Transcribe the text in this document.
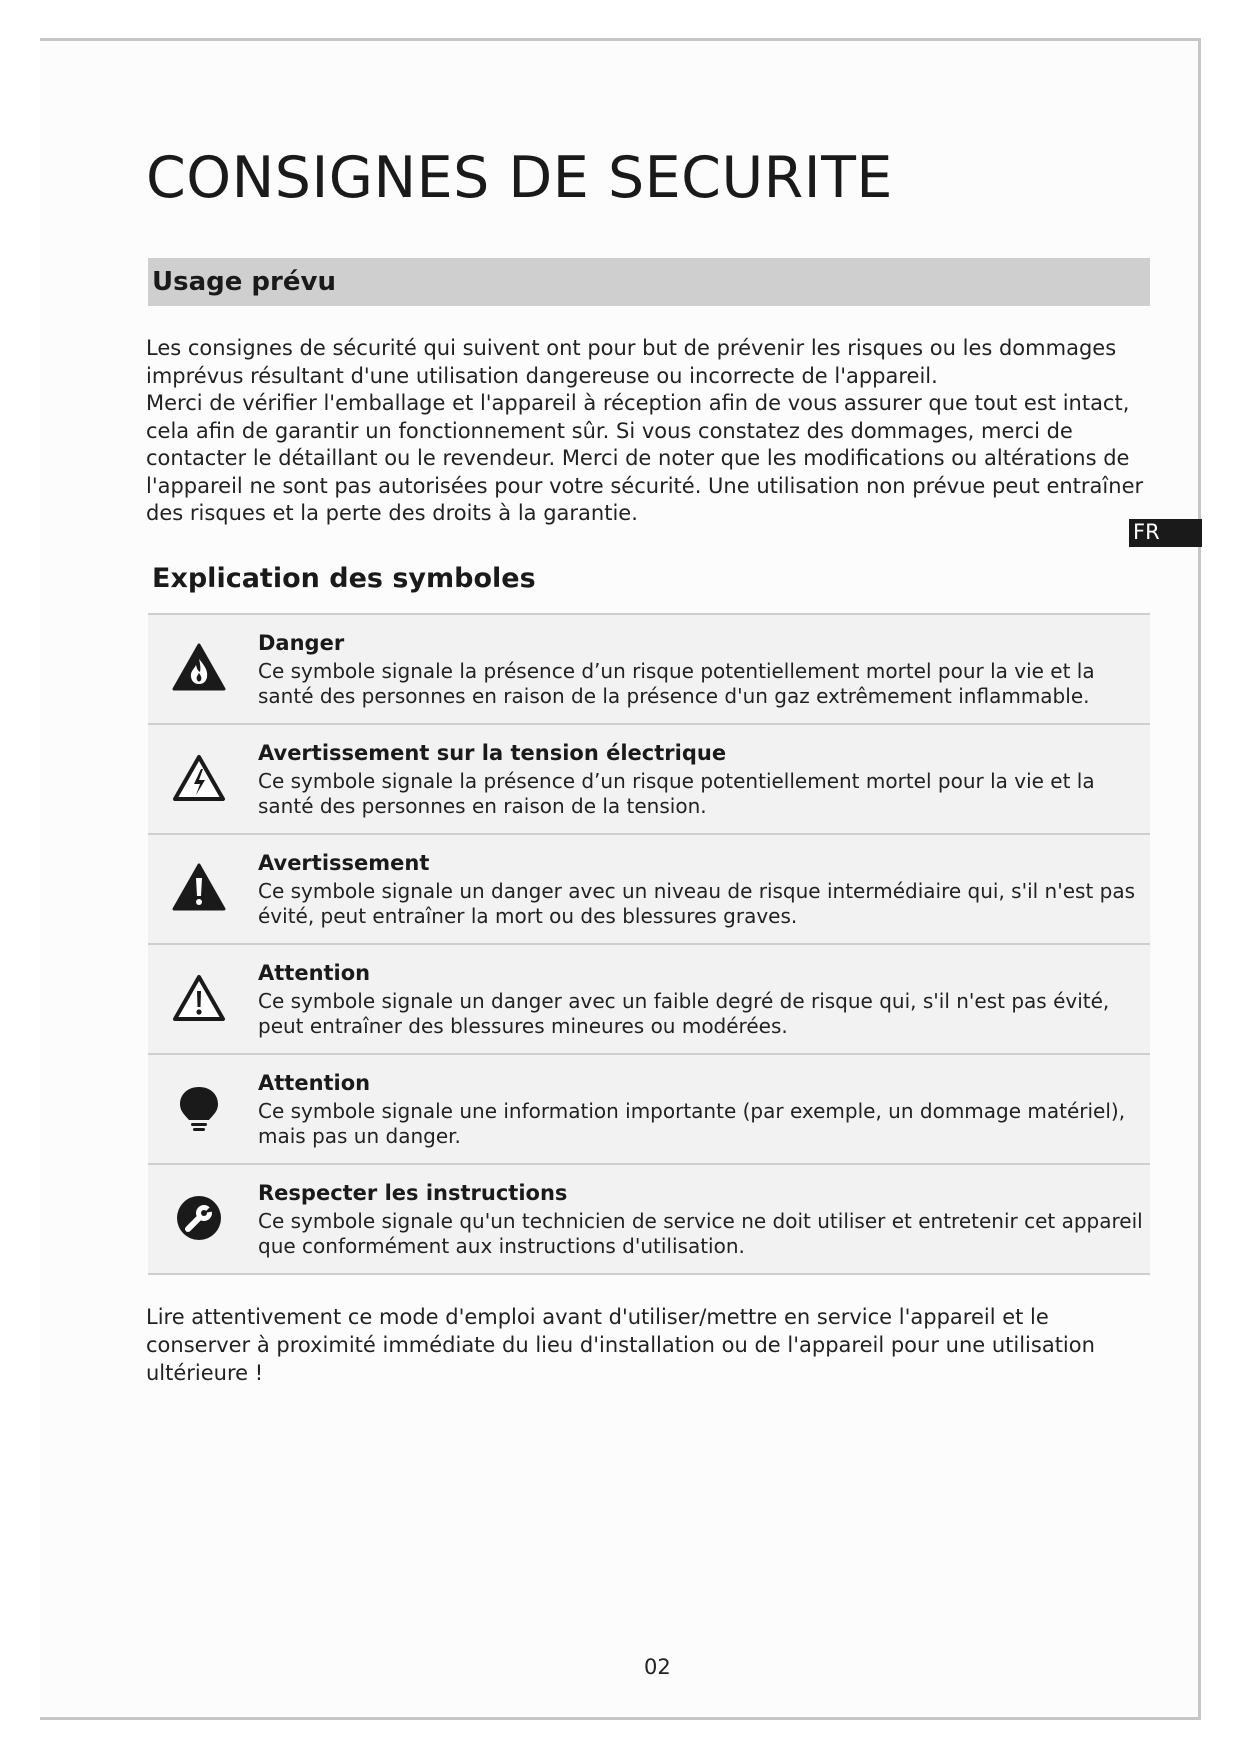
CONSIGNES DE SECURITE
Usage prévu

Les consignes de sécurité qui suivent ont pour but de prévenir les risques ou les dommages imprévus résultant d'une utilisation dangereuse ou incorrecte de l'appareil.

Merci de vérifier l'emballage et l'appareil à réception afin de vous assurer que tout est intact, cela afin de garantir un fonctionnement sûr. Si vous constatez des dommages, merci de contacter le détaillant ou le revendeur. Merci de noter que les modifications ou altérations de l'appareil ne sont pas autorisées pour votre sécurité. Une utilisation non prévue peut entraîner des risques et la perte des droits à la garantie.

Explication des symboles
Danger
Ce symbole signale la présence d’un risque potentiellement mortel pour la vie et la santé des personnes en raison de la présence d'un gaz extrêmement inflammable.
Avertissement sur la tension électrique
Ce symbole signale la présence d’un risque potentiellement mortel pour la vie et la santé des personnes en raison de la tension.
Avertissement
Ce symbole signale un danger avec un niveau de risque intermédiaire qui, s'il n'est pas évité, peut entraîner la mort ou des blessures graves.
Attention
Ce symbole signale un danger avec un faible degré de risque qui, s'il n'est pas évité, peut entraîner des blessures mineures ou modérées.
Attention
Ce symbole signale une information importante (par exemple, un dommage matériel), mais pas un danger.
Respecter les instructions
Ce symbole signale qu'un technicien de service ne doit utiliser et entretenir cet appareil que conformément aux instructions d'utilisation.
Lire attentivement ce mode d'emploi avant d'utiliser/mettre en service l'appareil et le conserver à proximité immédiate du lieu d'installation ou de l'appareil pour une utilisation ultérieure !
02
FR
